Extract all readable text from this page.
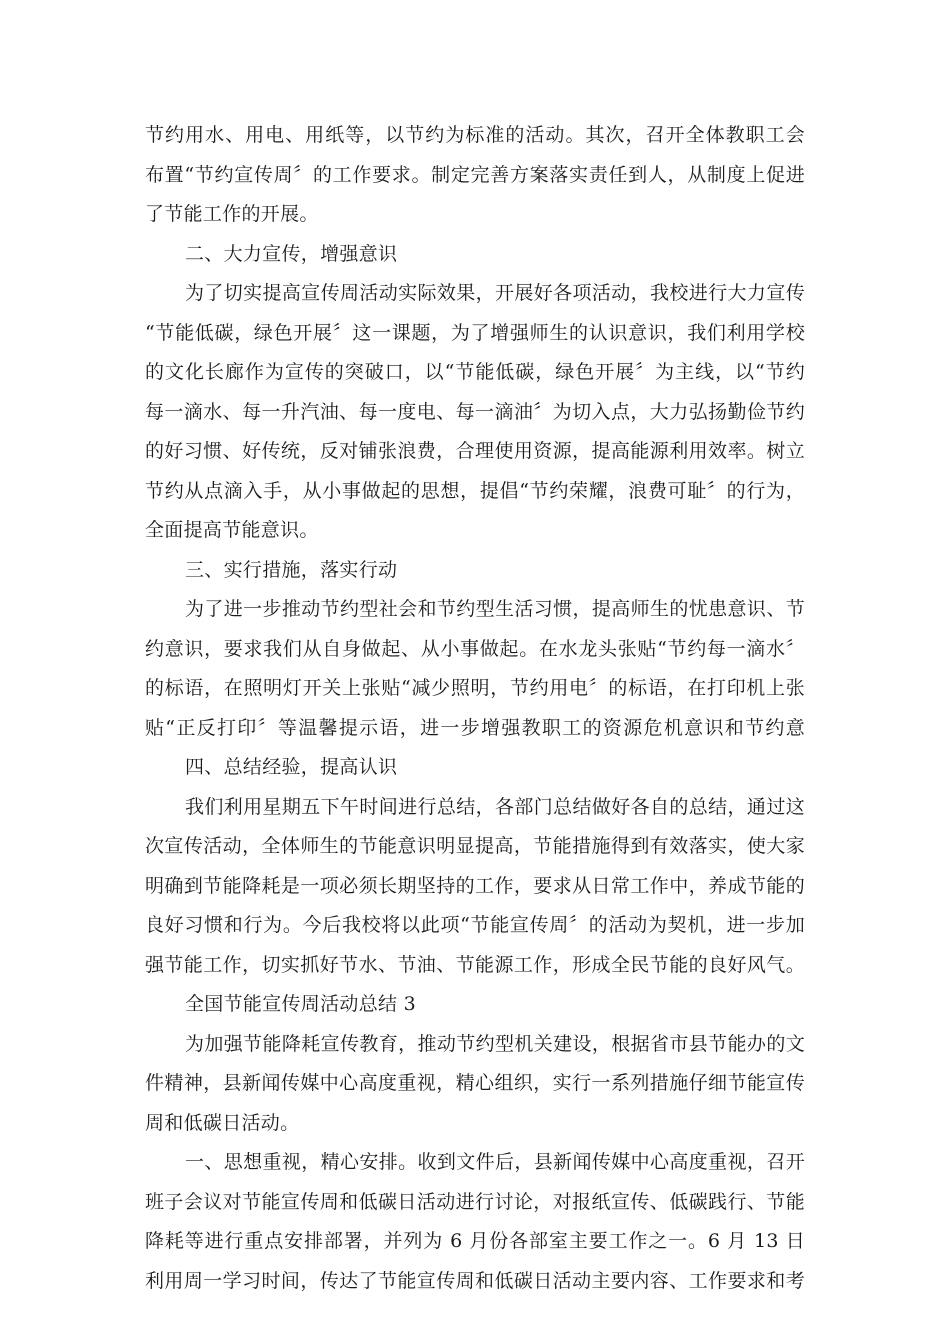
节约用水、用电、用纸等，以节约为标准的活动。其次，召开全体教职工会
布置“节约宣传周〞的工作要求。制定完善方案落实责任到人，从制度上促进
了节能工作的开展。
二、大力宣传，增强意识
为了切实提高宣传周活动实际效果，开展好各项活动，我校进行大力宣传
“节能低碳，绿色开展〞这一课题，为了增强师生的认识意识，我们利用学校
的文化长廊作为宣传的突破口，以“节能低碳，绿色开展〞为主线，以“节约
每一滴水、每一升汽油、每一度电、每一滴油〞为切入点，大力弘扬勤俭节约
的好习惯、好传统，反对铺张浪费，合理使用资源，提高能源利用效率。树立
节约从点滴入手，从小事做起的思想，提倡“节约荣耀，浪费可耻〞的行为，
全面提高节能意识。
三、实行措施，落实行动
为了进一步推动节约型社会和节约型生活习惯，提高师生的忧患意识、节
约意识，要求我们从自身做起、从小事做起。在水龙头张贴“节约每一滴水〞
的标语，在照明灯开关上张贴“减少照明，节约用电〞的标语，在打印机上张
贴“正反打印〞等温馨提示语，进一步增强教职工的资源危机意识和节约意
四、总结经验，提高认识
我们利用星期五下午时间进行总结，各部门总结做好各自的总结，通过这
次宣传活动，全体师生的节能意识明显提高，节能措施得到有效落实，使大家
明确到节能降耗是一项必须长期坚持的工作，要求从日常工作中，养成节能的
良好习惯和行为。今后我校将以此项“节能宣传周〞的活动为契机，进一步加
强节能工作，切实抓好节水、节油、节能源工作，形成全民节能的良好风气。
全国节能宣传周活动总结 3
为加强节能降耗宣传教育，推动节约型机关建设，根据省市县节能办的文
件精神，县新闻传媒中心高度重视，精心组织，实行一系列措施仔细节能宣传
周和低碳日活动。
一、思想重视，精心安排。收到文件后，县新闻传媒中心高度重视，召开
班子会议对节能宣传周和低碳日活动进行讨论，对报纸宣传、低碳践行、节能
降耗等进行重点安排部署，并列为 6 月份各部室主要工作之一。6 月 13 日
利用周一学习时间，传达了节能宣传周和低碳日活动主要内容、工作要求和考
